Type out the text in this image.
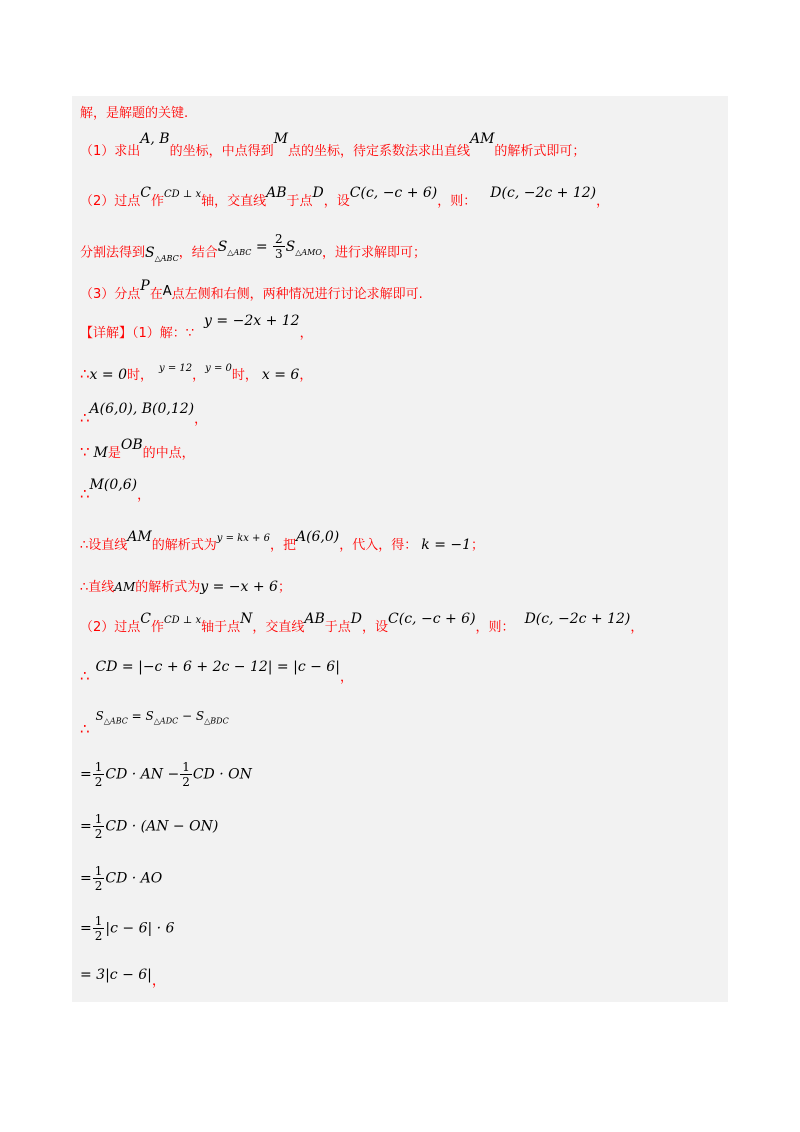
解，是解题的关键.
（1）求出A, B的坐标，中点得到M点的坐标，待定系数法求出直线AM的解析式即可；
（2）过点C作$^{CD \perp x}$轴，交直线AB于点D，设C(c, −c + 6)，则：D(c, −2c + 12)，
分割法得到$S_{\triangle ABC}$，结合$S_{\triangle ABC} = \frac{2}{3} S_{\triangle AMO}$，进行求解即可；
（3）分点P在A点左侧和右侧，两种情况进行讨论求解即可.
【详解】（1）解：∵y = −2x + 12，
∴x = 0时， $^{y = 12}$，$^{y = 0}$时， x = 6，
∴A(6,0), B(0,12)，
∵ M是OB的中点，
∴M(0,6)，
∴设直线AM的解析式为$^{y = kx + 6}$，把A(6,0)，代入，得： k = −1；
∴直线AM的解析式为y = −x + 6；
（2）过点C作$^{CD \perp x}$轴于点N，交直线AB于点D，设C(c, −c + 6)，则：D(c, −2c + 12)，
∴ CD = |−c + 6 + 2c − 12| = |c − 6|，
$\therefore S_{\triangle ABC} = S_{\triangle ADC} - S_{\triangle BDC}$
= $\frac{1}{2}$ CD · AN − $\frac{1}{2}$ CD · ON
= $\frac{1}{2}$ CD · (AN − ON)
= $\frac{1}{2}$ CD · AO
= $\frac{1}{2} |c - 6| \cdot 6$
= 3|c − 6|，
